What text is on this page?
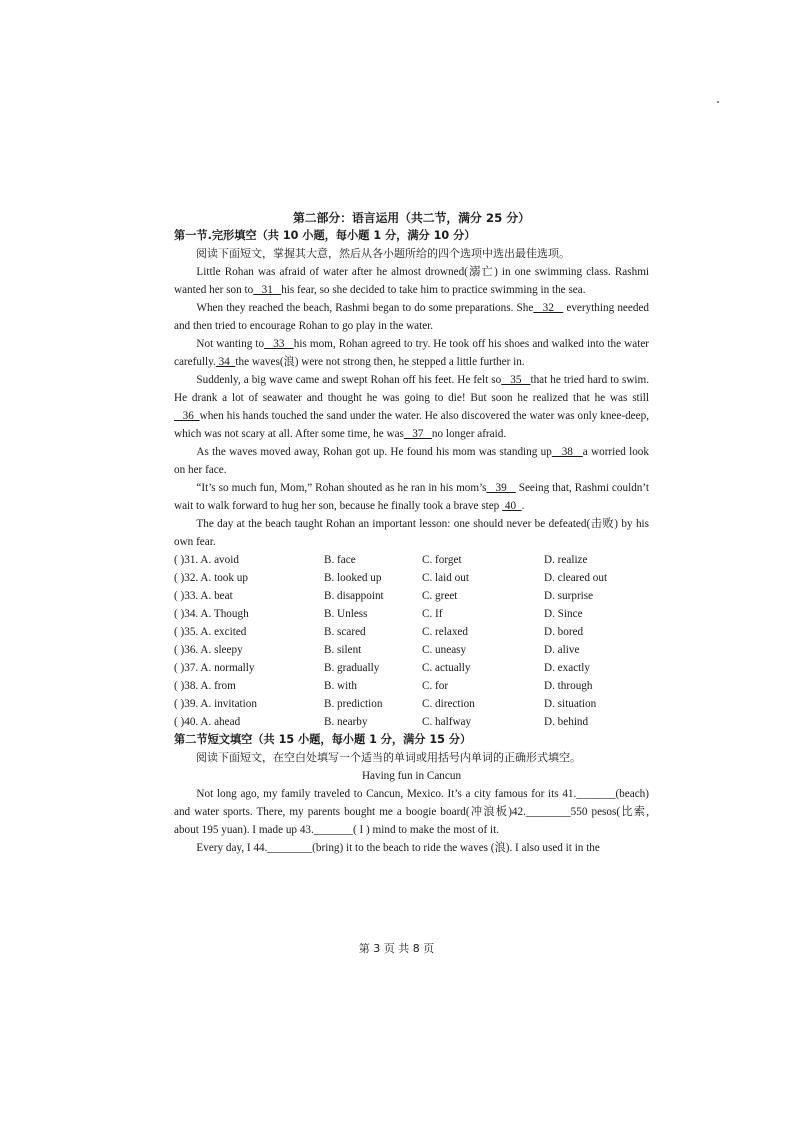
第二部分：语言运用（共二节，满分 25 分）

第一节.完形填空（共 10 小题，每小题 1 分，满分 10 分）

阅读下面短文，掌握其大意，然后从各小题所给的四个选项中选出最佳选项。

Little Rohan was afraid of water after he almost drowned(溺亡) in one swimming class. Rashmi wanted her son to   31   his fear, so she decided to take him to practice swimming in the sea.

When they reached the beach, Rashmi began to do some preparations. She   32    everything needed and then tried to encourage Rohan to go play in the water.

Not wanting to   33   his mom, Rohan agreed to try. He took off his shoes and walked into the water carefully. 34  the waves(浪) were not strong then, he stepped a little further in.

Suddenly, a big wave came and swept Rohan off his feet. He felt so   35   that he tried hard to swim. He drank a lot of seawater and thought he was going to die! But soon he realized that he was still   36  when his hands touched the sand under the water. He also discovered the water was only knee-deep, which was not scary at all. After some time, he was   37   no longer afraid.

As the waves moved away, Rohan got up. He found his mom was standing up   38   a worried look on her face.

“It’s so much fun, Mom,” Rohan shouted as he ran in his mom’s   39    Seeing that, Rashmi couldn’t wait to walk forward to hug her son, because he finally took a brave step  40  .

The day at the beach taught Rohan an important lesson: one should never be defeated(击败) by his own fear.

( )31. A. avoid	B. face	C. forget	D. realize
( )32. A. took up	B. looked up	C. laid out	D. cleared out
( )33. A. beat	B. disappoint	C. greet	D. surprise
( )34. A. Though	B. Unless	C. If	D. Since
( )35. A. excited	B. scared	C. relaxed	D. bored
( )36. A. sleepy	B. silent	C. uneasy	D. alive
( )37. A. normally	B. gradually	C. actually	D. exactly
( )38. A. from	B. with	C. for	D. through
( )39. A. invitation	B. prediction	C. direction	D. situation
( )40. A. ahead	B. nearby	C. halfway	D. behind

第二节短文填空（共 15 小题，每小题 1 分，满分 15 分）

阅读下面短文，在空白处填写一个适当的单词或用括号内单词的正确形式填空。

Having fun in Cancun

Not long ago, my family traveled to Cancun, Mexico. It’s a city famous for its 41._______(beach) and water sports. There, my parents bought me a boogie board(冲浪板)42.________550 pesos(比索, about 195 yuan). I made up 43._______( I ) mind to make the most of it.

Every day, I 44.________(bring) it to the beach to ride the waves (浪). I also used it in the

第 3 页 共 8 页
